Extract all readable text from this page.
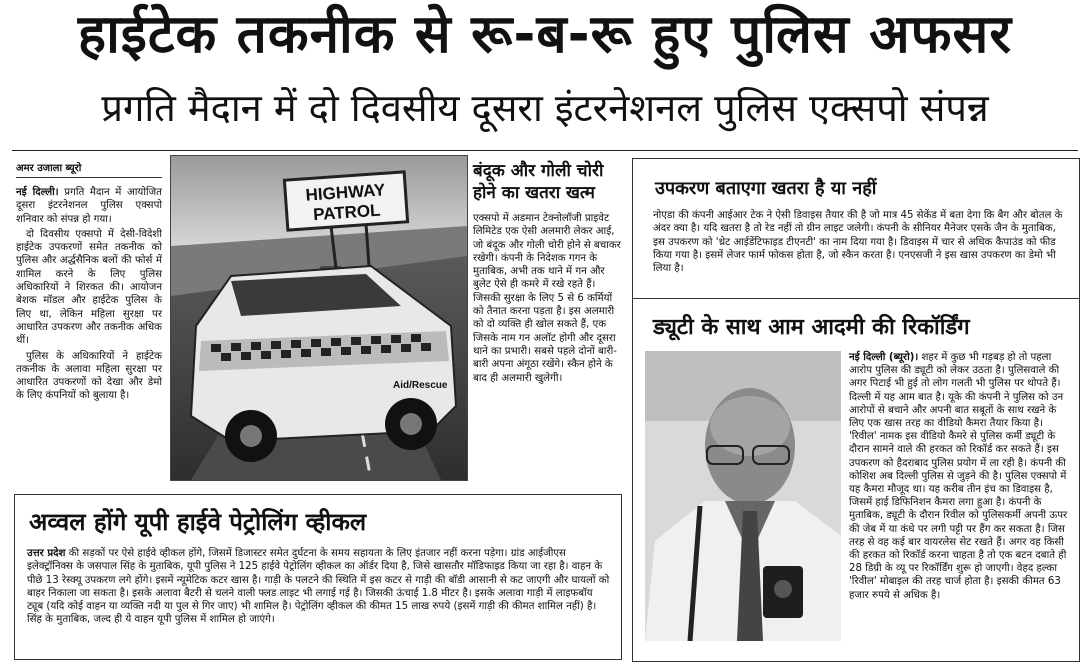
हाईटेक तकनीक से रू-ब-रू हुए पुलिस अफसर
प्रगति मैदान में दो दिवसीय दूसरा इंटरनेशनल पुलिस एक्सपो संपन्न
अमर उजाला ब्यूरो

नई दिल्ली। प्रगति मैदान में आयोजित दूसरा इंटरनेशनल पुलिस एक्सपो शनिवार को संपन्न हो गया।

दो दिवसीय एक्सपो में देसी-विदेशी हाईटेक उपकरणों समेत तकनीक को पुलिस और अर्द्धसैनिक बलों की फोर्स में शामिल करने के लिए पुलिस अधिकारियों ने शिरकत की। आयोजन बेशक मॉडल और हाईटेक पुलिस के लिए था, लेकिन महिला सुरक्षा पर आधारित उपकरण और तकनीक अधिक थीं।

पुलिस के अधिकारियों ने हाईटेक तकनीक के अलावा महिला सुरक्षा पर आधारित उपकरणों को देखा और डेमो के लिए कंपनियों को बुलाया है।

HIGHWAY
PATROL
Aid/Rescue
बंदूक और गोली चोरी होने का खतरा खत्म
एक्सपो में अडमान टेक्नोलॉजी प्राइवेट लिमिटेड एक ऐसी अलमारी लेकर आई, जो बंदूक और गोली चोरी होने से बचाकर रखेगी। कंपनी के निदेशक गगन के मुताबिक, अभी तक थाने में गन और बुलेट ऐसे ही कमरे में रखे रहते हैं। जिसकी सुरक्षा के लिए 5 से 6 कर्मियों को तैनात करना पड़ता है। इस अलमारी को दो व्यक्ति ही खोल सकते हैं, एक जिसके नाम गन अलॉट होगी और दूसरा थाने का प्रभारी। सबसे पहले दोनों बारी-बारी अपना अंगूठा रखेंगे। स्कैन होने के बाद ही अलमारी खुलेगी।
उपकरण बताएगा खतरा है या नहीं
नोएडा की कंपनी आईआर टेक ने ऐसी डिवाइस तैयार की है जो मात्र 45 सेकेंड में बता देगा कि बैग और बोतल के अंदर क्या है। यदि खतरा है तो रेड नहीं तो ग्रीन लाइट जलेगी। कंपनी के सीनियर मैनेजर एसके जैन के मुताबिक, इस उपकरण को 'थ्रेट आईडेंटिफाइड टीएनटी' का नाम दिया गया है। डिवाइस में चार से अधिक कैपाउंड को फीड किया गया है। इसमें लेजर फार्म फोकस होता है, जो स्कैन करता है। एनएसजी ने इस खास उपकरण का डेमो भी लिया है।
ड्यूटी के साथ आम आदमी की रिकॉर्डिंग
नई दिल्ली (ब्यूरो)। शहर में कुछ भी गड़बड़ हो तो पहला आरोप पुलिस की ड्यूटी को लेकर उठता है। पुलिसवाले की अगर पिटाई भी हुई तो लोग गलती भी पुलिस पर थोपते हैं। दिल्ली में यह आम बात है। यूके की कंपनी ने पुलिस को उन आरोपों से बचाने और अपनी बात सबूतों के साथ रखने के लिए एक खास तरह का वीडियो कैमरा तैयार किया है। 'रिवील' नामक इस वीडियो कैमरे से पुलिस कर्मी ड्यूटी के दौरान सामने वाले की हरकत को रिकॉर्ड कर सकते हैं। इस उपकरण को हैदराबाद पुलिस प्रयोग में ला रही है। कंपनी की कोशिश अब दिल्ली पुलिस से जुड़ने की है। पुलिस एक्सपो में यह कैमरा मौजूद था। यह करीब तीन इंच का डिवाइस है, जिसमें हाई डिफिनिशन कैमरा लगा हुआ है। कंपनी के मुताबिक, ड्यूटी के दौरान रिवील को पुलिसकर्मी अपनी ऊपर की जेब में या कंधे पर लगी पट्टी पर हैंग कर सकता है। जिस तरह से वह कई बार वायरलेस सेट रखते हैं। अगर वह किसी की हरकत को रिकॉर्ड करना चाहता है तो एक बटन दबाते ही 28 डिग्री के व्यू पर रिकॉर्डिंग शुरू हो जाएगी। वेहद हल्का 'रिवील' मोबाइल की तरह चार्ज होता है। इसकी कीमत 63 हजार रुपये से अधिक है।
अव्वल होंगे यूपी हाईवे पेट्रोलिंग व्हीकल
उत्तर प्रदेश की सड़कों पर ऐसे हाईवे व्हीकल होंगे, जिसमें डिजास्टर समेत दुर्घटना के समय सहायता के लिए इंतजार नहीं करना पड़ेगा। ग्रांड आईजीएस इलेक्ट्रॉनिक्स के जसपाल सिंह के मुताबिक, यूपी पुलिस ने 125 हाईवे पेट्रोलिंग व्हीकल का ऑर्डर दिया है, जिसे खासतौर मॉडिफाइड किया जा रहा है। वाहन के पीछे 13 रेस्क्यू उपकरण लगे होंगे। इसमें न्यूमेटिक कटर खास है। गाड़ी के पलटने की स्थिति में इस कटर से गाड़ी की बॉडी आसानी से कट जाएगी और घायलों को बाहर निकाला जा सकता है। इसके अलावा बैटरी से चलने वाली फ्लड लाइट भी लगाई गई है। जिसकी ऊंचाई 1.8 मीटर है। इसके अलावा गाड़ी में लाइफबॉय ट्यूब (यदि कोई वाहन या व्यक्ति नदी या पुल से गिर जाए) भी शामिल है। पेट्रोलिंग व्हीकल की कीमत 15 लाख रुपये (इसमें गाड़ी की कीमत शामिल नहीं) है। सिंह के मुताबिक, जल्द ही ये वाहन यूपी पुलिस में शामिल हो जाएंगे।
